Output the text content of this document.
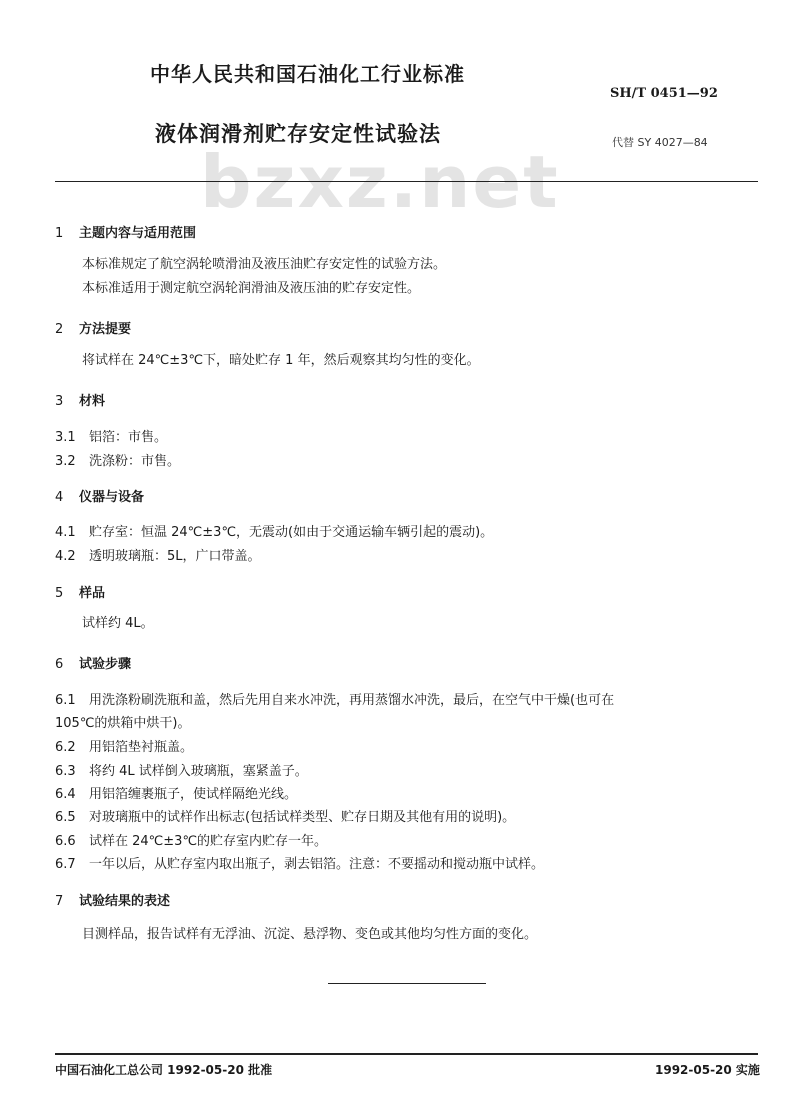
bzxz.net
中华人民共和国石油化工行业标准
SH/T 0451—92
液体润滑剂贮存安定性试验法	代替 SY 4027—84
1 主题内容与适用范围
本标准规定了航空涡轮喷滑油及液压油贮存安定性的试验方法。
本标准适用于测定航空涡轮润滑油及液压油的贮存安定性。
2 方法提要
将试样在 24℃±3℃下，暗处贮存 1 年，然后观察其均匀性的变化。
3 材料
3.1 铝箔：市售。
3.2 洗涤粉：市售。
4 仪器与设备
4.1 贮存室：恒温 24℃±3℃，无震动(如由于交通运输车辆引起的震动)。
4.2 透明玻璃瓶：5L，广口带盖。
5 样品
试样约 4L。
6 试验步骤
6.1 用洗涤粉刷洗瓶和盖，然后先用自来水冲洗，再用蒸馏水冲洗，最后，在空气中干燥(也可在
105℃的烘箱中烘干)。
6.2 用铝箔垫衬瓶盖。
6.3 将约 4L 试样倒入玻璃瓶，塞紧盖子。
6.4 用铝箔缠裹瓶子，使试样隔绝光线。
6.5 对玻璃瓶中的试样作出标志(包括试样类型、贮存日期及其他有用的说明)。
6.6 试样在 24℃±3℃的贮存室内贮存一年。
6.7 一年以后，从贮存室内取出瓶子，剥去铝箔。注意：不要摇动和搅动瓶中试样。
7 试验结果的表述
目测样品，报告试样有无浮油、沉淀、悬浮物、变色或其他均匀性方面的变化。
中国石油化工总公司 1992-05-20 批准	1992-05-20 实施
